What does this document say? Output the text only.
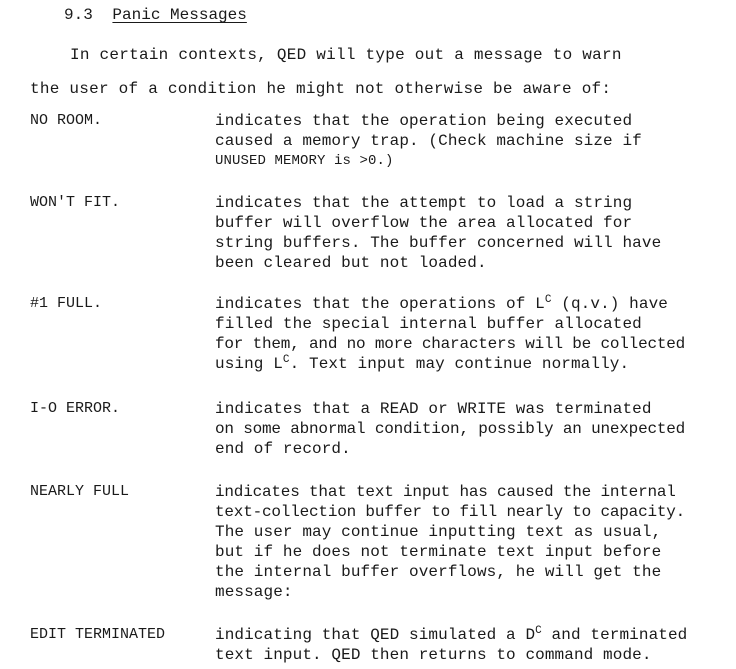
9.3 Panic Messages
In certain contexts, QED will type out a message to warn
the user of a condition he might not otherwise be aware of:
NO ROOM.	indicates that the operation being executed
caused a memory trap. (Check machine size if
UNUSED MEMORY is >0.)
WON'T FIT.	indicates that the attempt to load a string
buffer will overflow the area allocated for
string buffers. The buffer concerned will have
been cleared but not loaded.
#1 FULL.	indicates that the operations of $L^C$ (q.v.) have
filled the special internal buffer allocated
for them, and no more characters will be collected
using $L^C$. Text input may continue normally.
I-O ERROR.	indicates that a READ or WRITE was terminated
on some abnormal condition, possibly an unexpected
end of record.
NEARLY FULL	indicates that text input has caused the internal
text-collection buffer to fill nearly to capacity.
The user may continue inputting text as usual,
but if he does not terminate text input before
the internal buffer overflows, he will get the
message:
EDIT TERMINATED	indicating that QED simulated a $D^C$ and terminated
text input. QED then returns to command mode.
